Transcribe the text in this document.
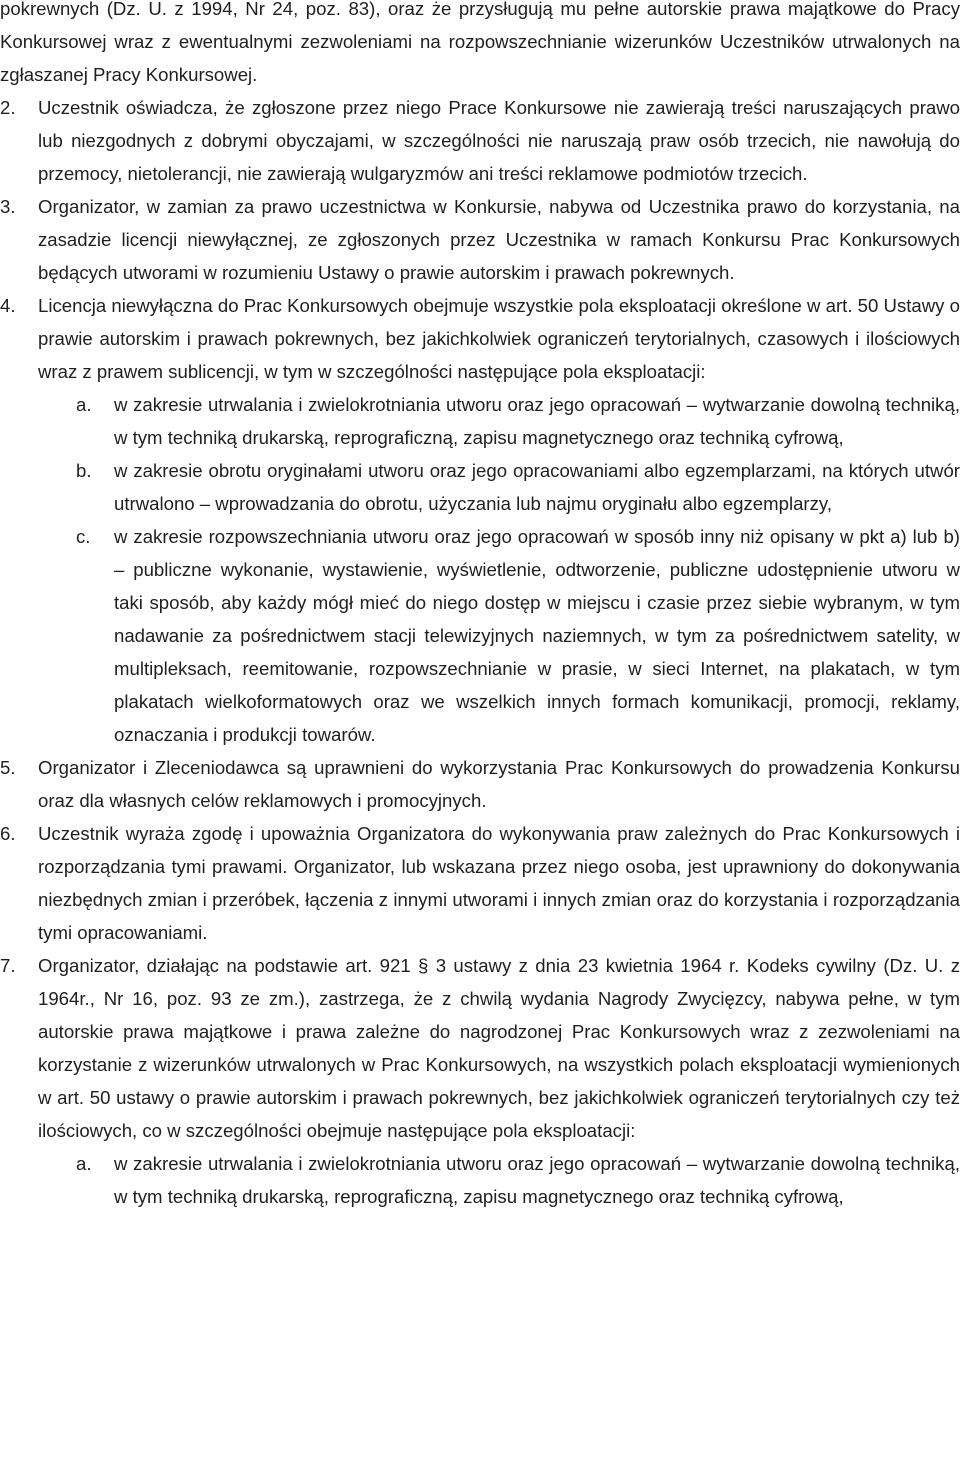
pokrewnych (Dz. U. z 1994, Nr 24, poz. 83), oraz że przysługują mu pełne autorskie prawa majątkowe do Pracy Konkursowej wraz z ewentualnymi zezwoleniami na rozpowszechnianie wizerunków Uczestników utrwalonych na zgłaszanej Pracy Konkursowej.

2. Uczestnik oświadcza, że zgłoszone przez niego Prace Konkursowe nie zawierają treści naruszających prawo lub niezgodnych z dobrymi obyczajami, w szczególności nie naruszają praw osób trzecich, nie nawołują do przemocy, nietolerancji, nie zawierają wulgaryzmów ani treści reklamowe podmiotów trzecich.
3. Organizator, w zamian za prawo uczestnictwa w Konkursie, nabywa od Uczestnika prawo do korzystania, na zasadzie licencji niewyłącznej, ze zgłoszonych przez Uczestnika w ramach Konkursu Prac Konkursowych będących utworami w rozumieniu Ustawy o prawie autorskim i prawach pokrewnych.
4. Licencja niewyłączna do Prac Konkursowych obejmuje wszystkie pola eksploatacji określone w art. 50 Ustawy o prawie autorskim i prawach pokrewnych, bez jakichkolwiek ograniczeń terytorialnych, czasowych i ilościowych wraz z prawem sublicencji, w tym w szczególności następujące pola eksploatacji:
a. w zakresie utrwalania i zwielokrotniania utworu oraz jego opracowań – wytwarzanie dowolną techniką, w tym techniką drukarską, reprograficzną, zapisu magnetycznego oraz techniką cyfrową,
b. w zakresie obrotu oryginałami utworu oraz jego opracowaniami albo egzemplarzami, na których utwór utrwalono – wprowadzania do obrotu, użyczania lub najmu oryginału albo egzemplarzy,
c. w zakresie rozpowszechniania utworu oraz jego opracowań w sposób inny niż opisany w pkt a) lub b) – publiczne wykonanie, wystawienie, wyświetlenie, odtworzenie, publiczne udostępnienie utworu w taki sposób, aby każdy mógł mieć do niego dostęp w miejscu i czasie przez siebie wybranym, w tym nadawanie za pośrednictwem stacji telewizyjnych naziemnych, w tym za pośrednictwem satelity, w multipleksach, reemitowanie, rozpowszechnianie w prasie, w sieci Internet, na plakatach, w tym plakatach wielkoformatowych oraz we wszelkich innych formach komunikacji, promocji, reklamy, oznaczania i produkcji towarów.
5. Organizator i Zleceniodawca są uprawnieni do wykorzystania Prac Konkursowych do prowadzenia Konkursu oraz dla własnych celów reklamowych i promocyjnych.
6. Uczestnik wyraża zgodę i upoważnia Organizatora do wykonywania praw zależnych do Prac Konkursowych i rozporządzania tymi prawami. Organizator, lub wskazana przez niego osoba, jest uprawniony do dokonywania niezbędnych zmian i przeróbek, łączenia z innymi utworami i innych zmian oraz do korzystania i rozporządzania tymi opracowaniami.
7. Organizator, działając na podstawie art. 921 § 3 ustawy z dnia 23 kwietnia 1964 r. Kodeks cywilny (Dz. U. z 1964r., Nr 16, poz. 93 ze zm.), zastrzega, że z chwilą wydania Nagrody Zwycięzcy, nabywa pełne, w tym autorskie prawa majątkowe i prawa zależne do nagrodzonej Prac Konkursowych wraz z zezwoleniami na korzystanie z wizerunków utrwalonych w Prac Konkursowych, na wszystkich polach eksploatacji wymienionych w art. 50 ustawy o prawie autorskim i prawach pokrewnych, bez jakichkolwiek ograniczeń terytorialnych czy też ilościowych, co w szczególności obejmuje następujące pola eksploatacji:
a. w zakresie utrwalania i zwielokrotniania utworu oraz jego opracowań – wytwarzanie dowolną techniką, w tym techniką drukarską, reprograficzną, zapisu magnetycznego oraz techniką cyfrową,
